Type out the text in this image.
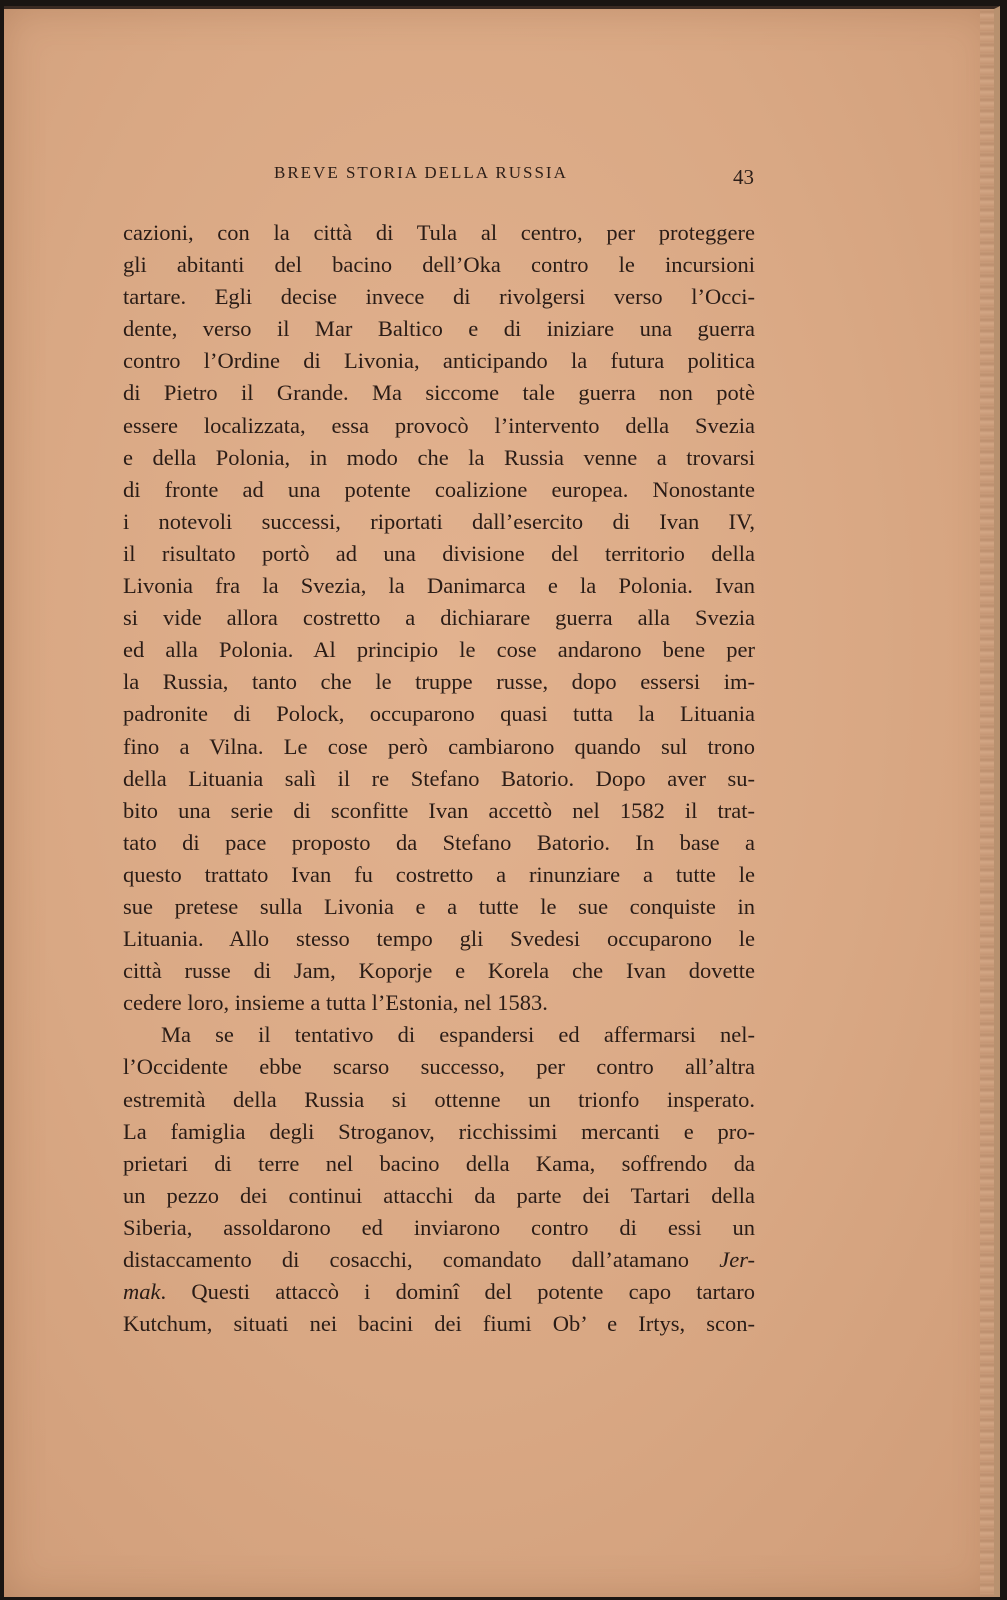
BREVE STORIA DELLA RUSSIA	43

cazioni, con la città di Tula al centro, per proteggere
gli abitanti del bacino dell’Oka contro le incursioni
tartare. Egli decise invece di rivolgersi verso l’Occi-
dente, verso il Mar Baltico e di iniziare una guerra
contro l’Ordine di Livonia, anticipando la futura politica
di Pietro il Grande. Ma siccome tale guerra non potè
essere localizzata, essa provocò l’intervento della Svezia
e della Polonia, in modo che la Russia venne a trovarsi
di fronte ad una potente coalizione europea. Nonostante
i notevoli successi, riportati dall’esercito di Ivan IV,
il risultato portò ad una divisione del territorio della
Livonia fra la Svezia, la Danimarca e la Polonia. Ivan
si vide allora costretto a dichiarare guerra alla Svezia
ed alla Polonia. Al principio le cose andarono bene per
la Russia, tanto che le truppe russe, dopo essersi im-
padronite di Polock, occuparono quasi tutta la Lituania
fino a Vilna. Le cose però cambiarono quando sul trono
della Lituania salì il re Stefano Batorio. Dopo aver su-
bito una serie di sconfitte Ivan accettò nel 1582 il trat-
tato di pace proposto da Stefano Batorio. In base a
questo trattato Ivan fu costretto a rinunziare a tutte le
sue pretese sulla Livonia e a tutte le sue conquiste in
Lituania. Allo stesso tempo gli Svedesi occuparono le
città russe di Jam, Koporje e Korela che Ivan dovette
cedere loro, insieme a tutta l’Estonia, nel 1583.

Ma se il tentativo di espandersi ed affermarsi nel-
l’Occidente ebbe scarso successo, per contro all’altra
estremità della Russia si ottenne un trionfo insperato.
La famiglia degli Stroganov, ricchissimi mercanti e pro-
prietari di terre nel bacino della Kama, soffrendo da
un pezzo dei continui attacchi da parte dei Tartari della
Siberia, assoldarono ed inviarono contro di essi un
distaccamento di cosacchi, comandato dall’atamano Jer-
mak. Questi attaccò i dominî del potente capo tartaro
Kutchum, situati nei bacini dei fiumi Ob’ e Irtys, scon-
